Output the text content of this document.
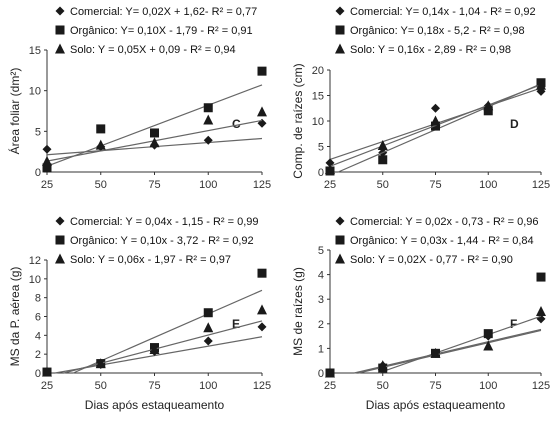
0
5
10
15
25	50	75	100	125
Área foliar (dm²)	C
Comercial: Y= 0,02X + 1,62- R² = 0,77
Orgânico: Y= 0,10X - 1,79 - R² = 0,91
Solo: Y = 0,05X + 0,09 - R² = 0,94
0
5
10
15
20
25	50	75	100	125
Comp. de raízes (cm)	D
Comercial: Y= 0,14x - 1,04 - R² = 0,92
Orgânico: Y= 0,18x - 5,2 - R² = 0,98
Solo: Y = 0,16x - 2,89 - R² = 0,98
0
2
4
6
8
10
12
25	50	75	100	125
MS da P. aérea (g)
Dias após estaqueamento
E
Comercial: Y = 0,04x - 1,15 - R² = 0,99
Orgânico: Y = 0,10x - 3,72 - R² = 0,92
Solo: Y = 0,06x - 1,97 - R² = 0,97
0
1
2
3
4
5
25	50	75	100	125
MS de raízes (g)
Dias após estaqueamento
F
Comercial: Y = 0,02x - 0,73 - R² = 0,96
Orgânico: Y = 0,03x - 1,44 - R² = 0,84
Solo: Y = 0,02X - 0,77 - R² = 0,90
